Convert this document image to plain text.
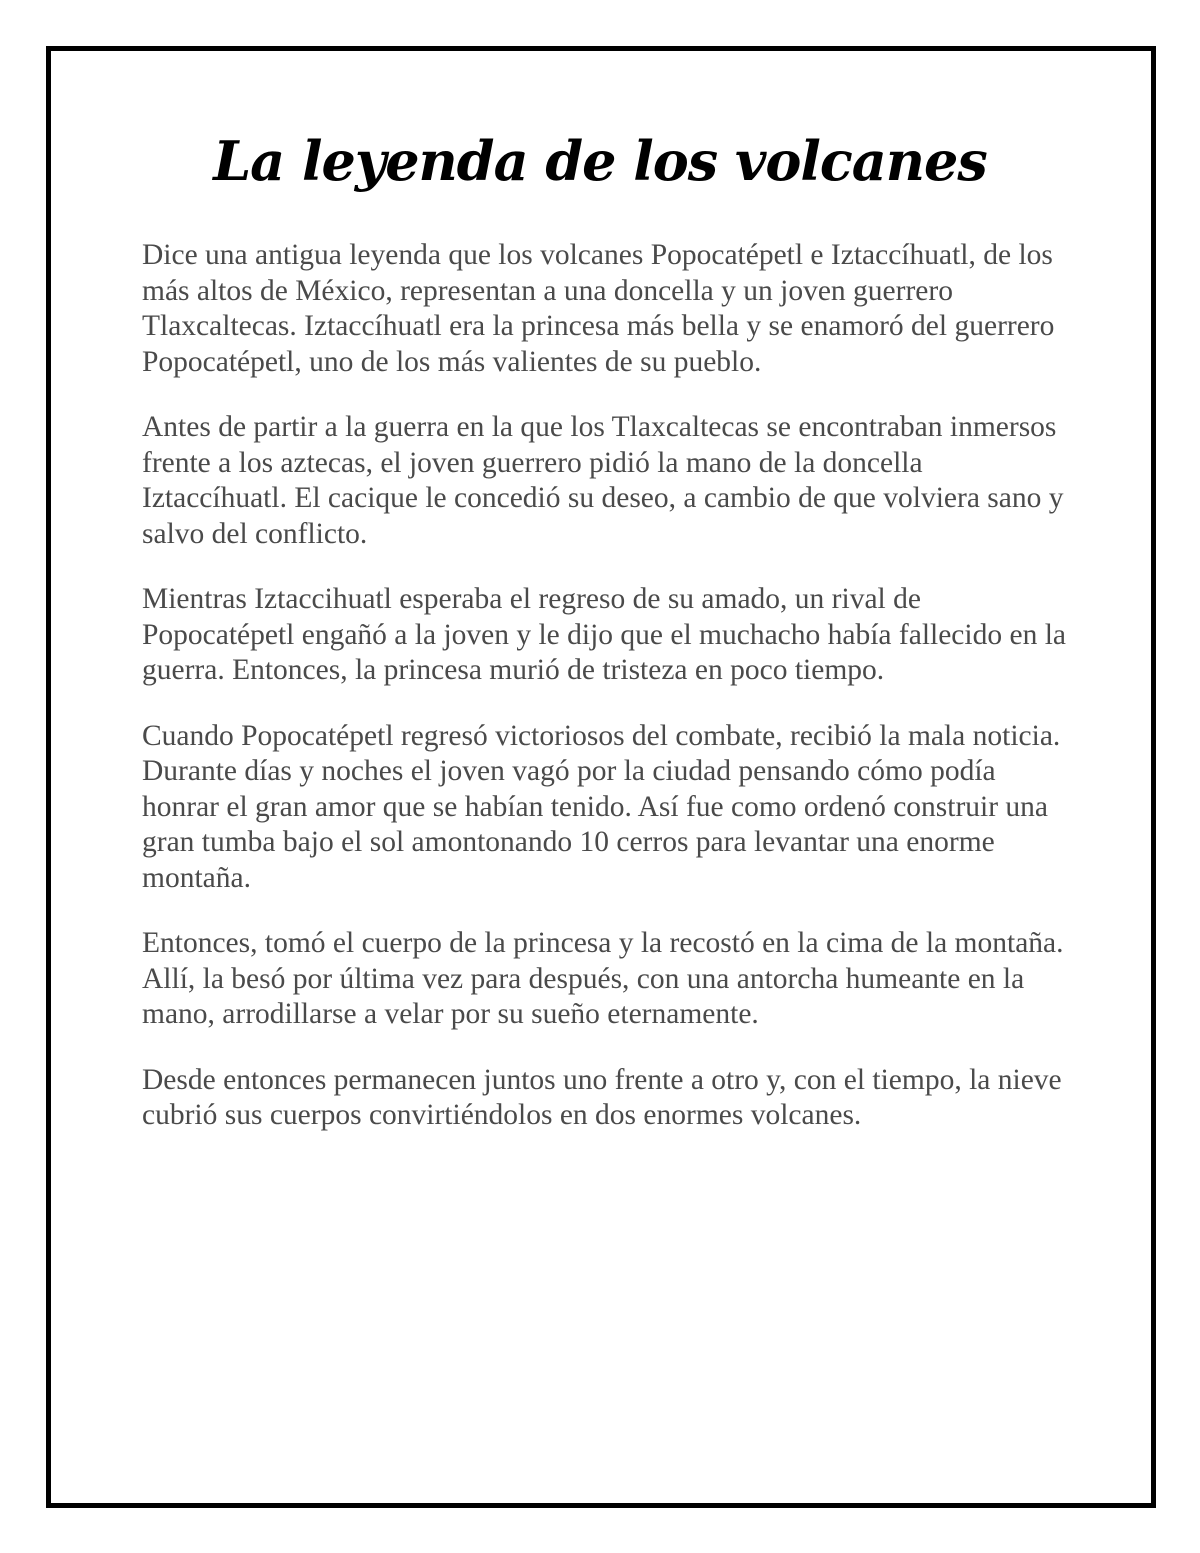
La leyenda de los volcanes

Dice una antigua leyenda que los volcanes Popocatépetl e Iztaccíhuatl, de los más altos de México, representan a una doncella y un joven guerrero Tlaxcaltecas. Iztaccíhuatl era la princesa más bella y se enamoró del guerrero Popocatépetl, uno de los más valientes de su pueblo.

Antes de partir a la guerra en la que los Tlaxcaltecas se encontraban inmersos frente a los aztecas, el joven guerrero pidió la mano de la doncella Iztaccíhuatl. El cacique le concedió su deseo, a cambio de que volviera sano y salvo del conflicto.

Mientras Iztaccihuatl esperaba el regreso de su amado, un rival de Popocatépetl engañó a la joven y le dijo que el muchacho había fallecido en la guerra. Entonces, la princesa murió de tristeza en poco tiempo.

Cuando Popocatépetl regresó victoriosos del combate, recibió la mala noticia. Durante días y noches el joven vagó por la ciudad pensando cómo podía honrar el gran amor que se habían tenido. Así fue como ordenó construir una gran tumba bajo el sol amontonando 10 cerros para levantar una enorme montaña.

Entonces, tomó el cuerpo de la princesa y la recostó en la cima de la montaña. Allí, la besó por última vez para después, con una antorcha humeante en la mano, arrodillarse a velar por su sueño eternamente.

Desde entonces permanecen juntos uno frente a otro y, con el tiempo, la nieve cubrió sus cuerpos convirtiéndolos en dos enormes volcanes.
